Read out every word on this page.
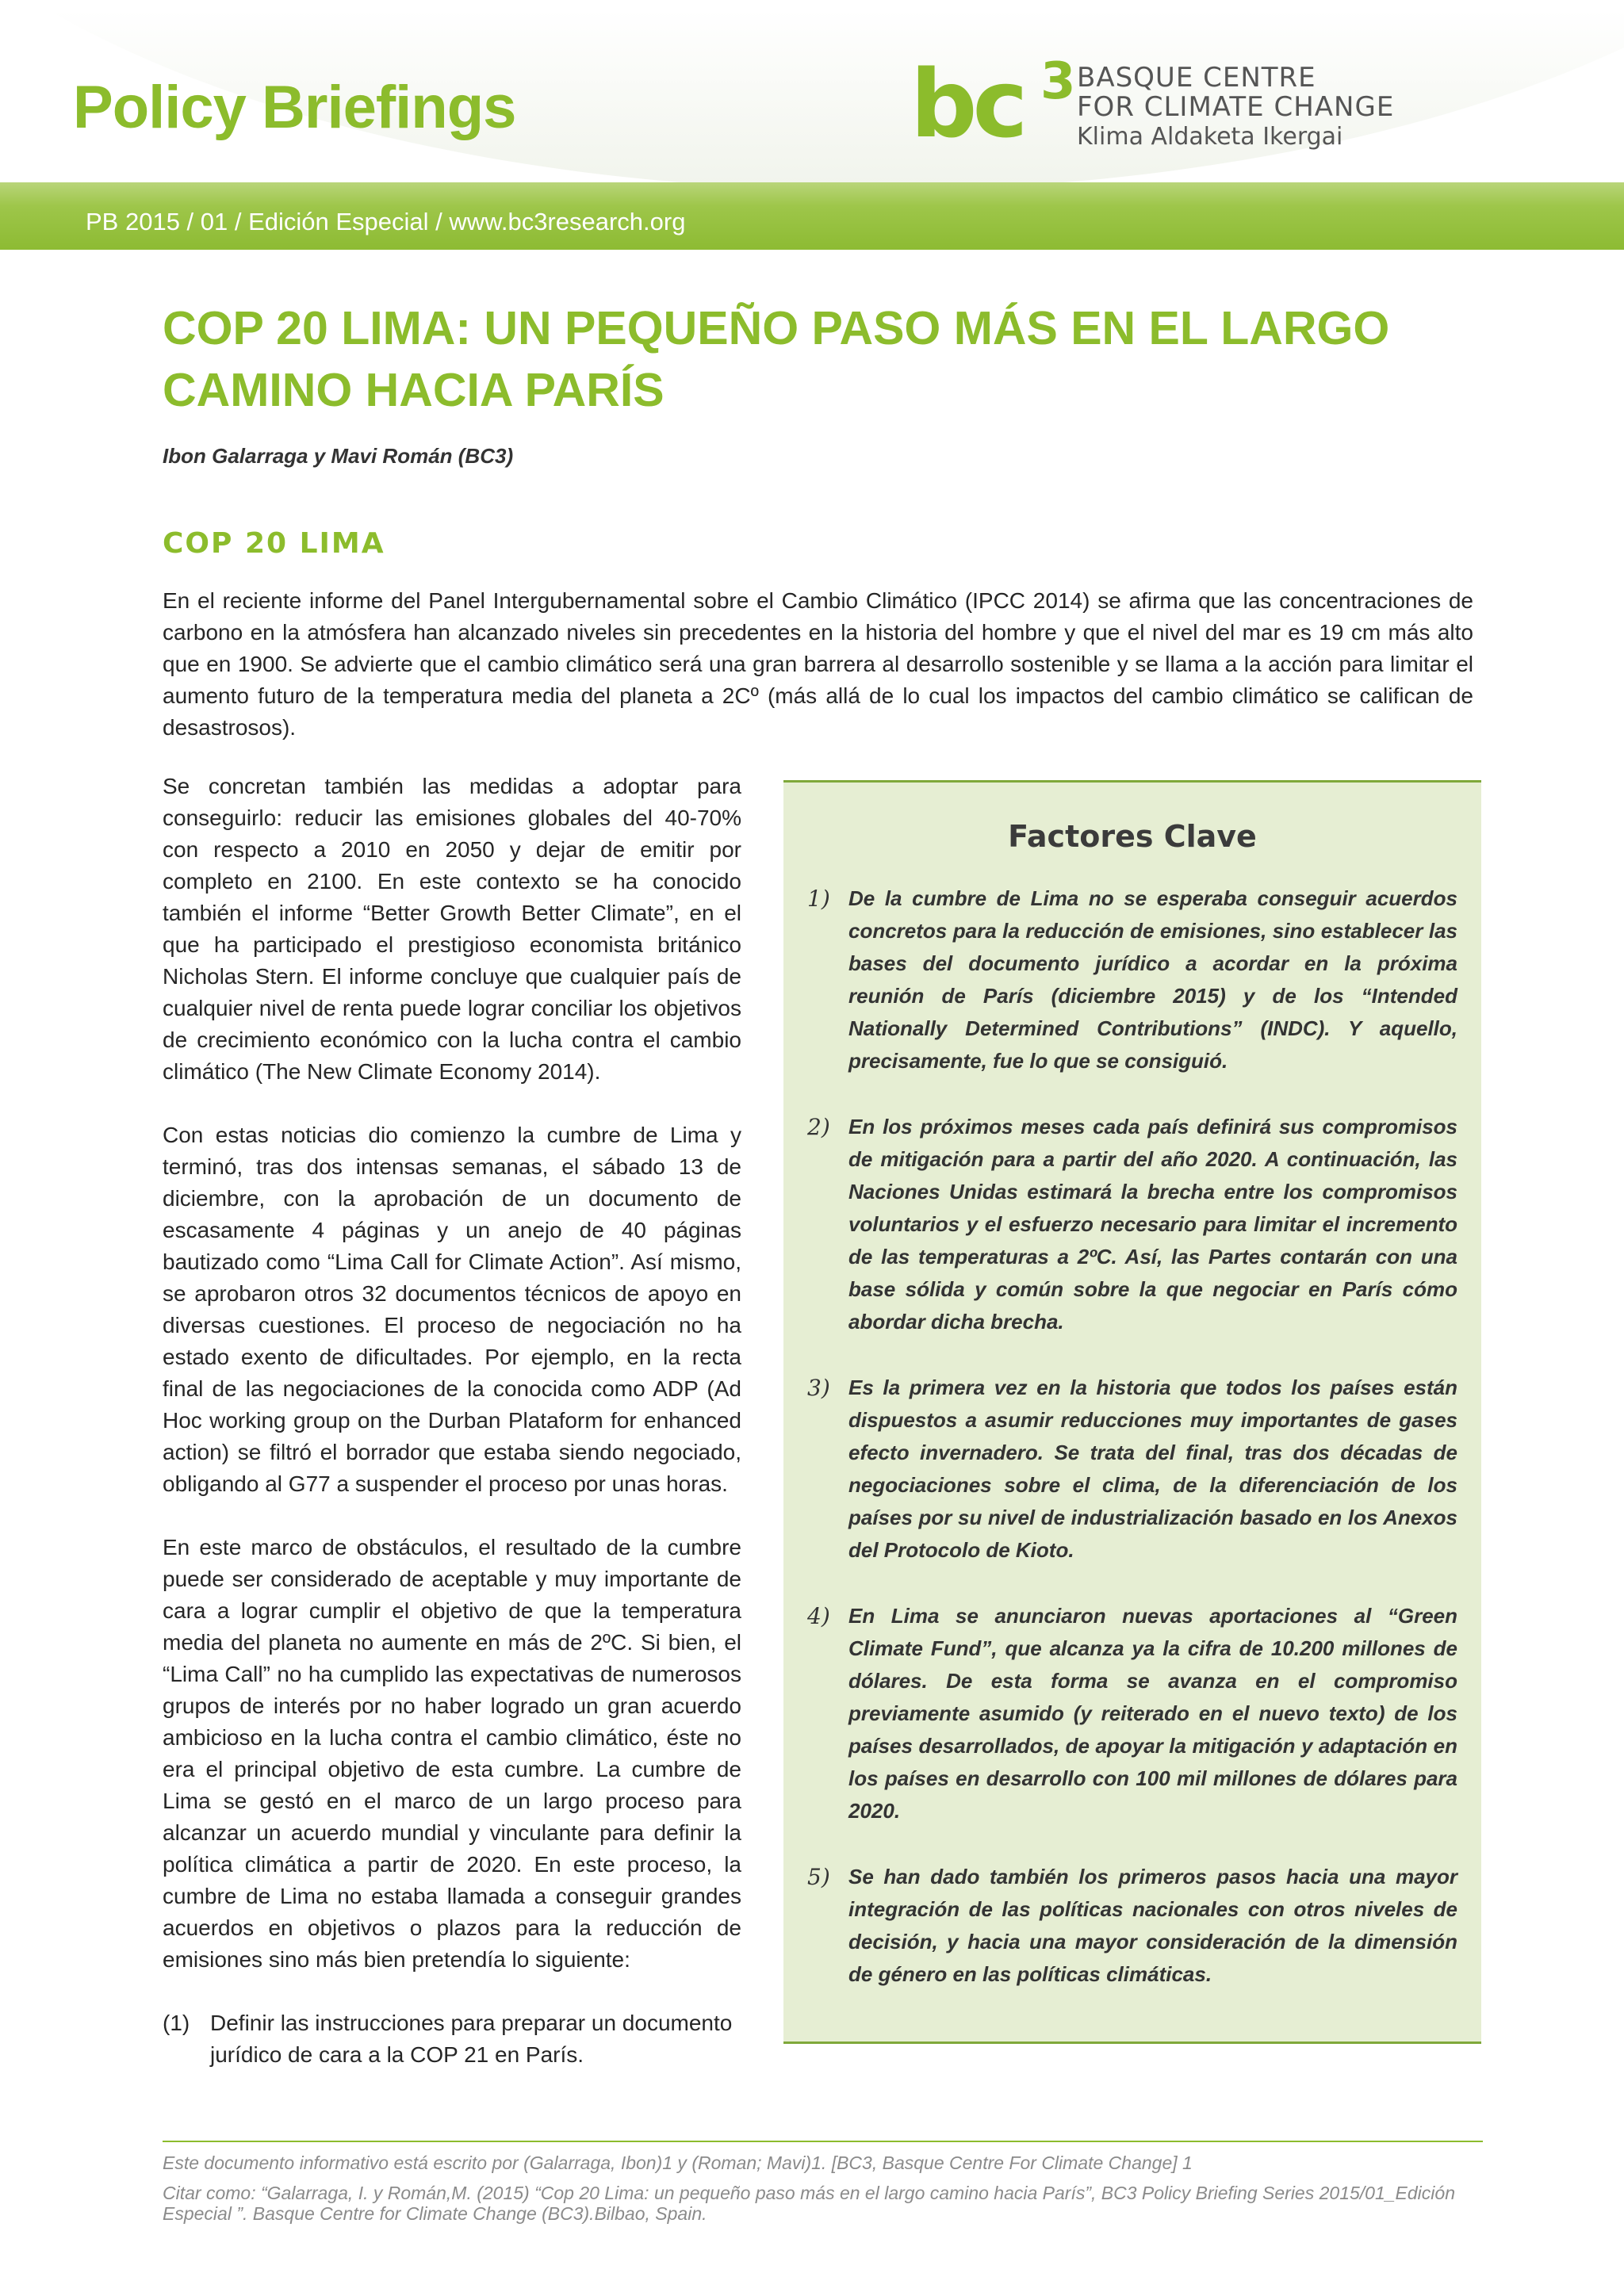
Policy Briefings
PB 2015 / 01 / Edición Especial / www.bc3research.org
bc 3 BASQUE CENTRE
FOR CLIMATE CHANGE
Klima Aldaketa Ikergai
COP 20 LIMA: UN PEQUEÑO PASO MÁS EN EL LARGO CAMINO HACIA PARÍS
Ibon Galarraga y Mavi Román (BC3)
COP 20 LIMA

En el reciente informe del Panel Intergubernamental sobre el Cambio Climático (IPCC 2014) se afirma que las concentraciones de carbono en la atmósfera han alcanzado niveles sin precedentes en la historia del hombre y que el nivel del mar es 19 cm más alto que en 1900. Se advierte que el cambio climático será una gran barrera al desarrollo sostenible y se llama a la acción para limitar el aumento futuro de la temperatura media del planeta a 2Cº (más allá de lo cual los impactos del cambio climático se califican de desastrosos).

Se concretan también las medidas a adoptar para conseguirlo: reducir las emisiones globales del 40-70% con respecto a 2010 en 2050 y dejar de emitir por completo en 2100. En este contexto se ha conocido también el informe “Better Growth Better Climate”, en el que ha participado el prestigioso economista británico Nicholas Stern. El informe concluye que cualquier país de cualquier nivel de renta puede lograr conciliar los objetivos de crecimiento económico con la lucha contra el cambio climático (The New Climate Economy 2014).

Con estas noticias dio comienzo la cumbre de Lima y terminó, tras dos intensas semanas, el sábado 13 de diciembre, con la aprobación de un documento de escasamente 4 páginas y un anejo de 40 páginas bautizado como “Lima Call for Climate Action”. Así mismo, se aprobaron otros 32 documentos técnicos de apoyo en diversas cuestiones. El proceso de negociación no ha estado exento de dificultades. Por ejemplo, en la recta final de las negociaciones de la conocida como ADP (Ad Hoc working group on the Durban Plataform for enhanced action) se filtró el borrador que estaba siendo negociado, obligando al G77 a suspender el proceso por unas horas.

En este marco de obstáculos, el resultado de la cumbre puede ser considerado de aceptable y muy importante de cara a lograr cumplir el objetivo de que la temperatura media del planeta no aumente en más de 2ºC. Si bien, el “Lima Call” no ha cumplido las expectativas de numerosos grupos de interés por no haber logrado un gran acuerdo ambicioso en la lucha contra el cambio climático, éste no era el principal objetivo de esta cumbre. La cumbre de Lima se gestó en el marco de un largo proceso para alcanzar un acuerdo mundial y vinculante para definir la política climática a partir de 2020. En este proceso, la cumbre de Lima no estaba llamada a conseguir grandes acuerdos en objetivos o plazos para la reducción de emisiones sino más bien pretendía lo siguiente:

(1) Definir las instrucciones para preparar un documento jurídico de cara a la COP 21 en París.
Factores Clave
1) De la cumbre de Lima no se esperaba conseguir acuerdos concretos para la reducción de emisiones, sino establecer las bases del documento jurídico a acordar en la próxima reunión de París (diciembre 2015) y de los “Intended Nationally Determined Contributions” (INDC). Y aquello, precisamente, fue lo que se consiguió.
2) En los próximos meses cada país definirá sus compromisos de mitigación para a partir del año 2020. A continuación, las Naciones Unidas estimará la brecha entre los compromisos voluntarios y el esfuerzo necesario para limitar el incremento de las temperaturas a 2ºC. Así, las Partes contarán con una base sólida y común sobre la que negociar en París cómo abordar dicha brecha.
3) Es la primera vez en la historia que todos los países están dispuestos a asumir reducciones muy importantes de gases efecto invernadero. Se trata del final, tras dos décadas de negociaciones sobre el clima, de la diferenciación de los países por su nivel de industrialización basado en los Anexos del Protocolo de Kioto.
4) En Lima se anunciaron nuevas aportaciones al “Green Climate Fund”, que alcanza ya la cifra de 10.200 millones de dólares. De esta forma se avanza en el compromiso previamente asumido (y reiterado en el nuevo texto) de los países desarrollados, de apoyar la mitigación y adaptación en los países en desarrollo con 100 mil millones de dólares para 2020.
5) Se han dado también los primeros pasos hacia una mayor integración de las políticas nacionales con otros niveles de decisión, y hacia una mayor consideración de la dimensión de género en las políticas climáticas.

Este documento informativo está escrito por (Galarraga, Ibon)1 y (Roman; Mavi)1. [BC3, Basque Centre For Climate Change] 1

Citar como: “Galarraga, I. y Román,M. (2015) “Cop 20 Lima: un pequeño paso más en el largo camino hacia París”, BC3 Policy Briefing Series 2015/01_Edición Especial ”. Basque Centre for Climate Change (BC3).Bilbao, Spain.
